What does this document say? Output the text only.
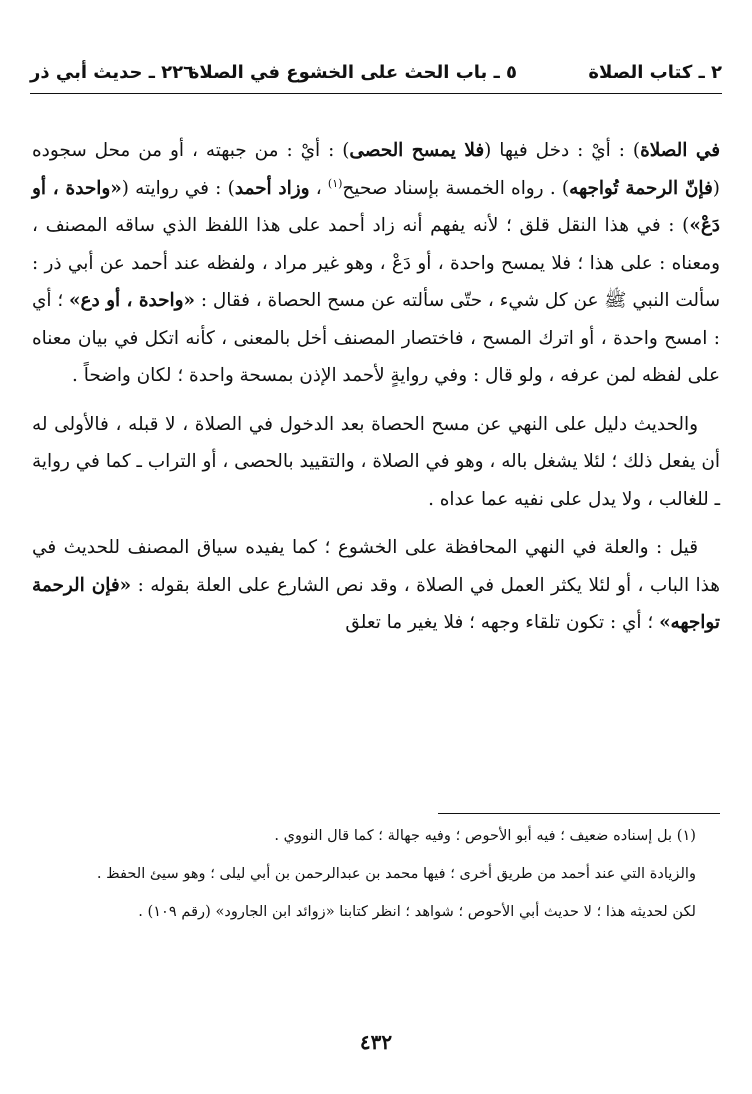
٢ ـ كتاب الصلاة
٥ ـ باب الحث على الخشوع في الصلاة
٢٢٦ ـ حديث أبي ذر

في الصلاة) : أيْ : دخل فيها (فلا يمسح الحصى) : أيْ : من جبهته ، أو من محل سجوده (فإنّ الرحمة تُواجهه) . رواه الخمسة بإسناد صحيح$^{(١)}$ ، وزاد أحمد) : في روايته («واحدة ، أو دَعْ») : في هذا النقل قلق ؛ لأنه يفهم أنه زاد أحمد على هذا اللفظ الذي ساقه المصنف ، ومعناه : على هذا ؛ فلا يمسح واحدة ، أو دَعْ ، وهو غير مراد ، ولفظه عند أحمد عن أبي ذر : سألت النبي ﷺ عن كل شيء ، حتّى سألته عن مسح الحصاة ، فقال : «واحدة ، أو دع» ؛ أي : امسح واحدة ، أو اترك المسح ، فاختصار المصنف أخل بالمعنى ، كأنه اتكل في بيان معناه على لفظه لمن عرفه ، ولو قال : وفي روايةٍ لأحمد الإذن بمسحة واحدة ؛ لكان واضحاً .

والحديث دليل على النهي عن مسح الحصاة بعد الدخول في الصلاة ، لا قبله ، فالأولى له أن يفعل ذلك ؛ لئلا يشغل باله ، وهو في الصلاة ، والتقييد بالحصى ، أو التراب ـ كما في رواية ـ للغالب ، ولا يدل على نفيه عما عداه .

قيل : والعلة في النهي المحافظة على الخشوع ؛ كما يفيده سياق المصنف للحديث في هذا الباب ، أو لئلا يكثر العمل في الصلاة ، وقد نص الشارع على العلة بقوله : «فإن الرحمة تواجهه» ؛ أي : تكون تلقاء وجهه ؛ فلا يغير ما تعلق

(١) بل إسناده ضعيف ؛ فيه أبو الأحوص ؛ وفيه جهالة ؛ كما قال النووي .

والزيادة التي عند أحمد من طريق أخرى ؛ فيها محمد بن عبدالرحمن بن أبي ليلى ؛ وهو سيئ الحفظ .

لكن لحديثه هذا ؛ لا حديث أبي الأحوص ؛ شواهد ؛ انظر كتابنا «زوائد ابن الجارود» (رقم ١٠٩) .

٤٣٢
